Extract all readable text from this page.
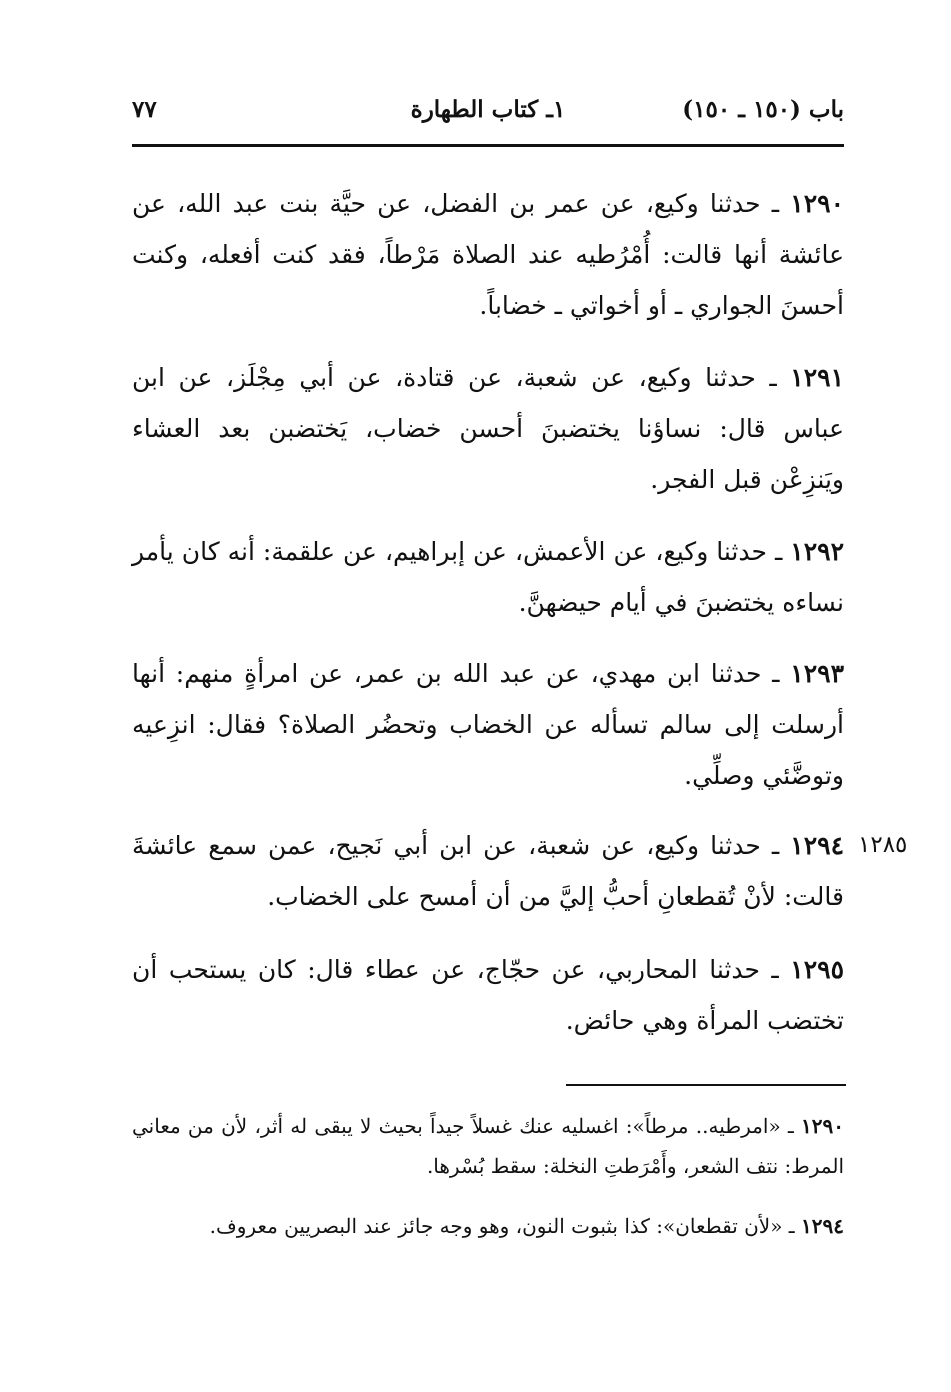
باب (١٥٠ ـ ١٥٠)
١ـ كتاب الطهارة
٧٧
١٢٩٠ ـ حدثنا وكيع، عن عمر بن الفضل، عن حيَّة بنت عبد الله، عن عائشة أنها قالت: أُمْرُطيه عند الصلاة مَرْطاً، فقد كنت أفعله، وكنت أحسنَ الجواري ـ أو أخواتي ـ خضاباً.
١٢٩١ ـ حدثنا وكيع، عن شعبة، عن قتادة، عن أبي مِجْلَز، عن ابن عباس قال: نساؤنا يختضبنَ أحسن خضاب، يَختضبن بعد العشاء ويَنزِعْن قبل الفجر.
١٢٩٢ ـ حدثنا وكيع، عن الأعمش، عن إبراهيم، عن علقمة: أنه كان يأمر نساءه يختضبنَ في أيام حيضهنَّ.
١٢٩٣ ـ حدثنا ابن مهدي، عن عبد الله بن عمر، عن امرأةٍ منهم: أنها أرسلت إلى سالم تسأله عن الخضاب وتحضُر الصلاة؟ فقال: انزِعيه وتوضَّئي وصلِّي.
١٢٩٤ ـ حدثنا وكيع، عن شعبة، عن ابن أبي نَجيح، عمن سمع عائشةَ قالت: لأنْ تُقطعانِ أحبُّ إليَّ من أن أمسح على الخضاب.
١٢٨٥
١٢٩٥ ـ حدثنا المحاربي، عن حجّاج، عن عطاء قال: كان يستحب أن تختضب المرأة وهي حائض.
١٢٩٠ ـ «امرطيه.. مرطاً»: اغسليه عنك غسلاً جيداً بحيث لا يبقى له أثر، لأن من معاني المرط: نتف الشعر، وأَمْرَطتِ النخلة: سقط بُسْرها.
١٢٩٤ ـ «لأن تقطعان»: كذا بثبوت النون، وهو وجه جائز عند البصريين معروف.
